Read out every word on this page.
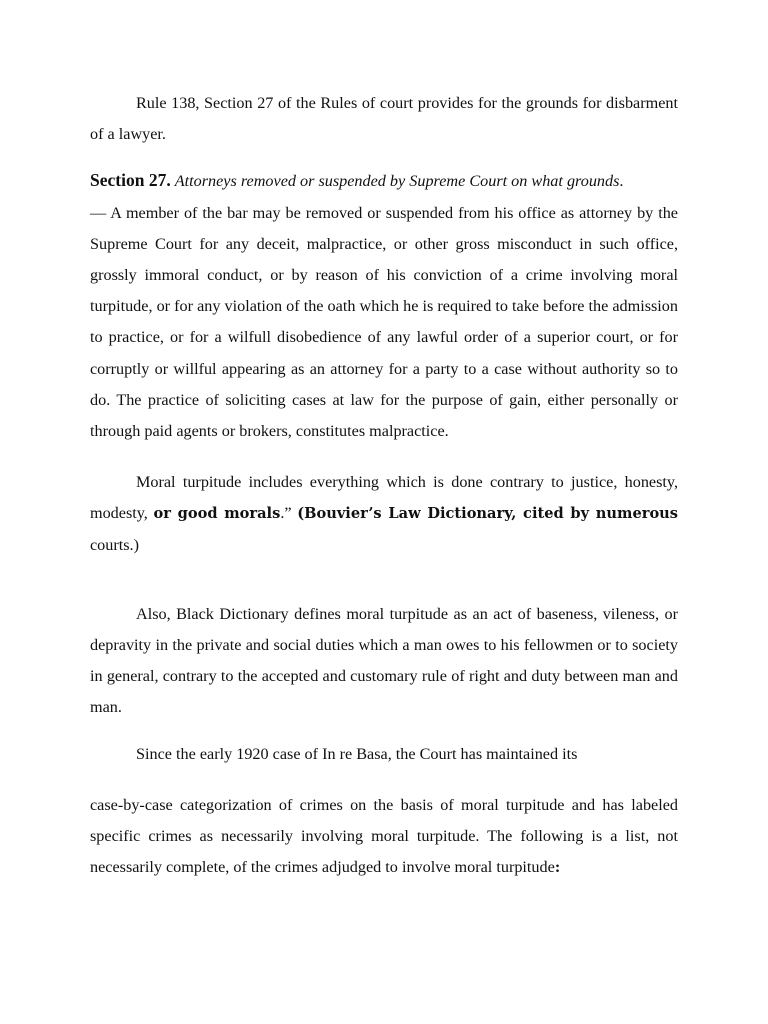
Rule 138, Section 27 of the Rules of court provides for the grounds for disbarment of a lawyer.

Section 27. Attorneys removed or suspended by Supreme Court on what grounds.
— A member of the bar may be removed or suspended from his office as attorney by the Supreme Court for any deceit, malpractice, or other gross misconduct in such office, grossly immoral conduct, or by reason of his conviction of a crime involving moral turpitude, or for any violation of the oath which he is required to take before the admission to practice, or for a wilfull disobedience of any lawful order of a superior court, or for corruptly or willful appearing as an attorney for a party to a case without authority so to do. The practice of soliciting cases at law for the purpose of gain, either personally or through paid agents or brokers, constitutes malpractice.

Moral turpitude includes everything which is done contrary to justice, honesty, modesty, or good morals.” (Bouvier’s Law Dictionary, cited by numerous courts.)

Also, Black Dictionary defines moral turpitude as an act of baseness, vileness, or depravity in the private and social duties which a man owes to his fellowmen or to society in general, contrary to the accepted and customary rule of right and duty between man and man.

Since the early 1920 case of In re Basa, the Court has maintained its

case-by-case categorization of crimes on the basis of moral turpitude and has labeled specific crimes as necessarily involving moral turpitude. The following is a list, not necessarily complete, of the crimes adjudged to involve moral turpitude:
